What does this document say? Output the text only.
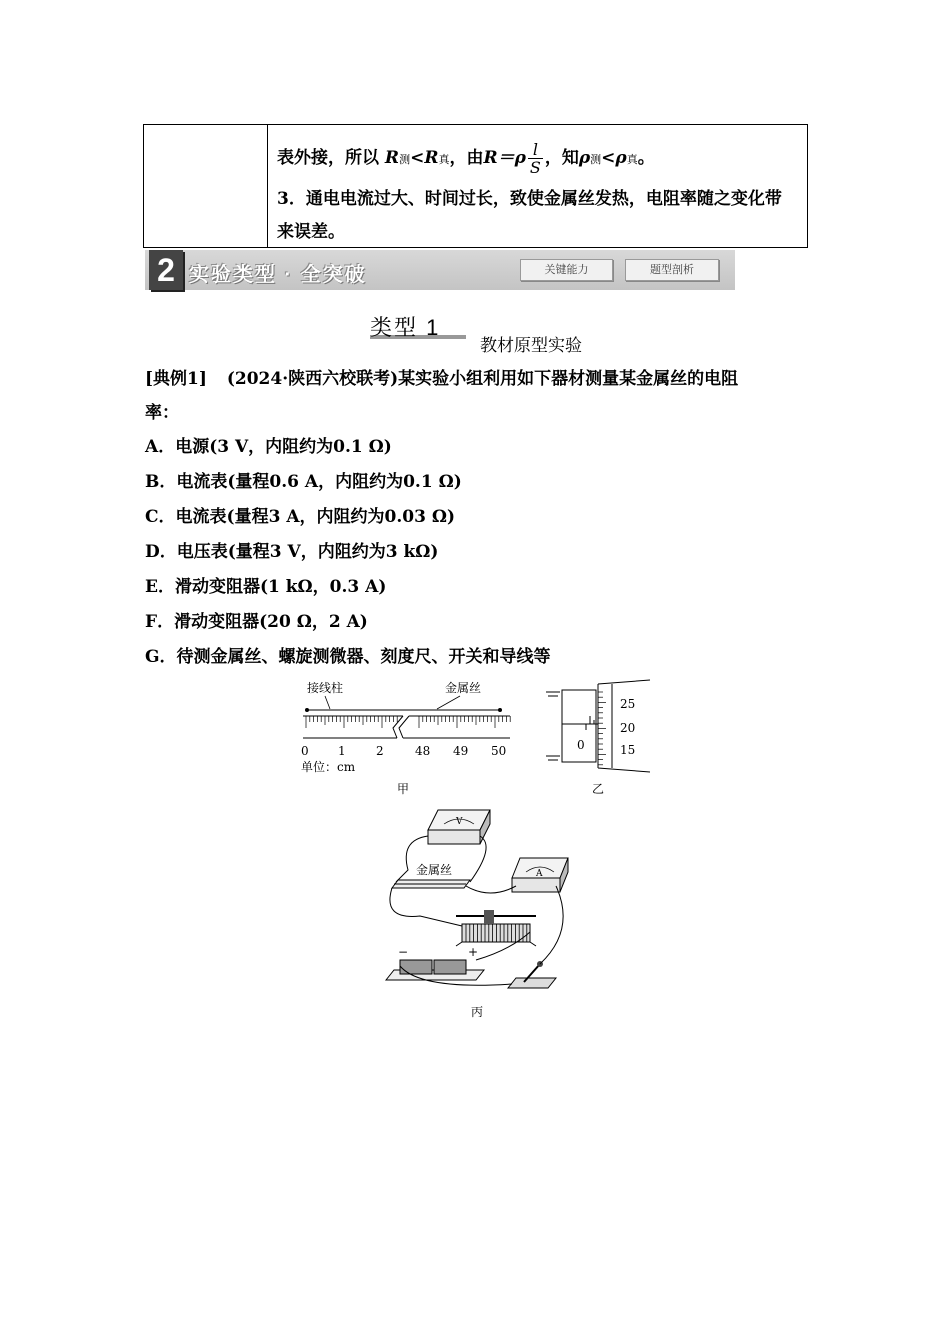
表外接，所以 R测<R真，由$R=\rho \frac{l}{S}$ ，知ρ测<ρ真。
3．通电电流过大、时间过长，致使金属丝发热，电阻率随之变化带来误差。
2 实验类型 · 全突破	关键能力	题型剖析
类型 1
教材原型实验
[典例1] (2024·陕西六校联考)某实验小组利用如下器材测量某金属丝的电阻
率：
A．电源(3 V，内阻约为0.1 Ω)
B．电流表(量程0.6 A，内阻约为0.1 Ω)
C．电流表(量程3 A，内阻约为0.03 Ω)
D．电压表(量程3 V，内阻约为3 kΩ)
E．滑动变阻器(1 kΩ，0.3 A)
F．滑动变阻器(20 Ω，2 A)
G．待测金属丝、螺旋测微器、刻度尺、开关和导线等
接线柱	金属丝
0 1	2	48 49 50
单位：cm
甲
0
25
20
15
乙
V
金属丝	A
−	+
丙
